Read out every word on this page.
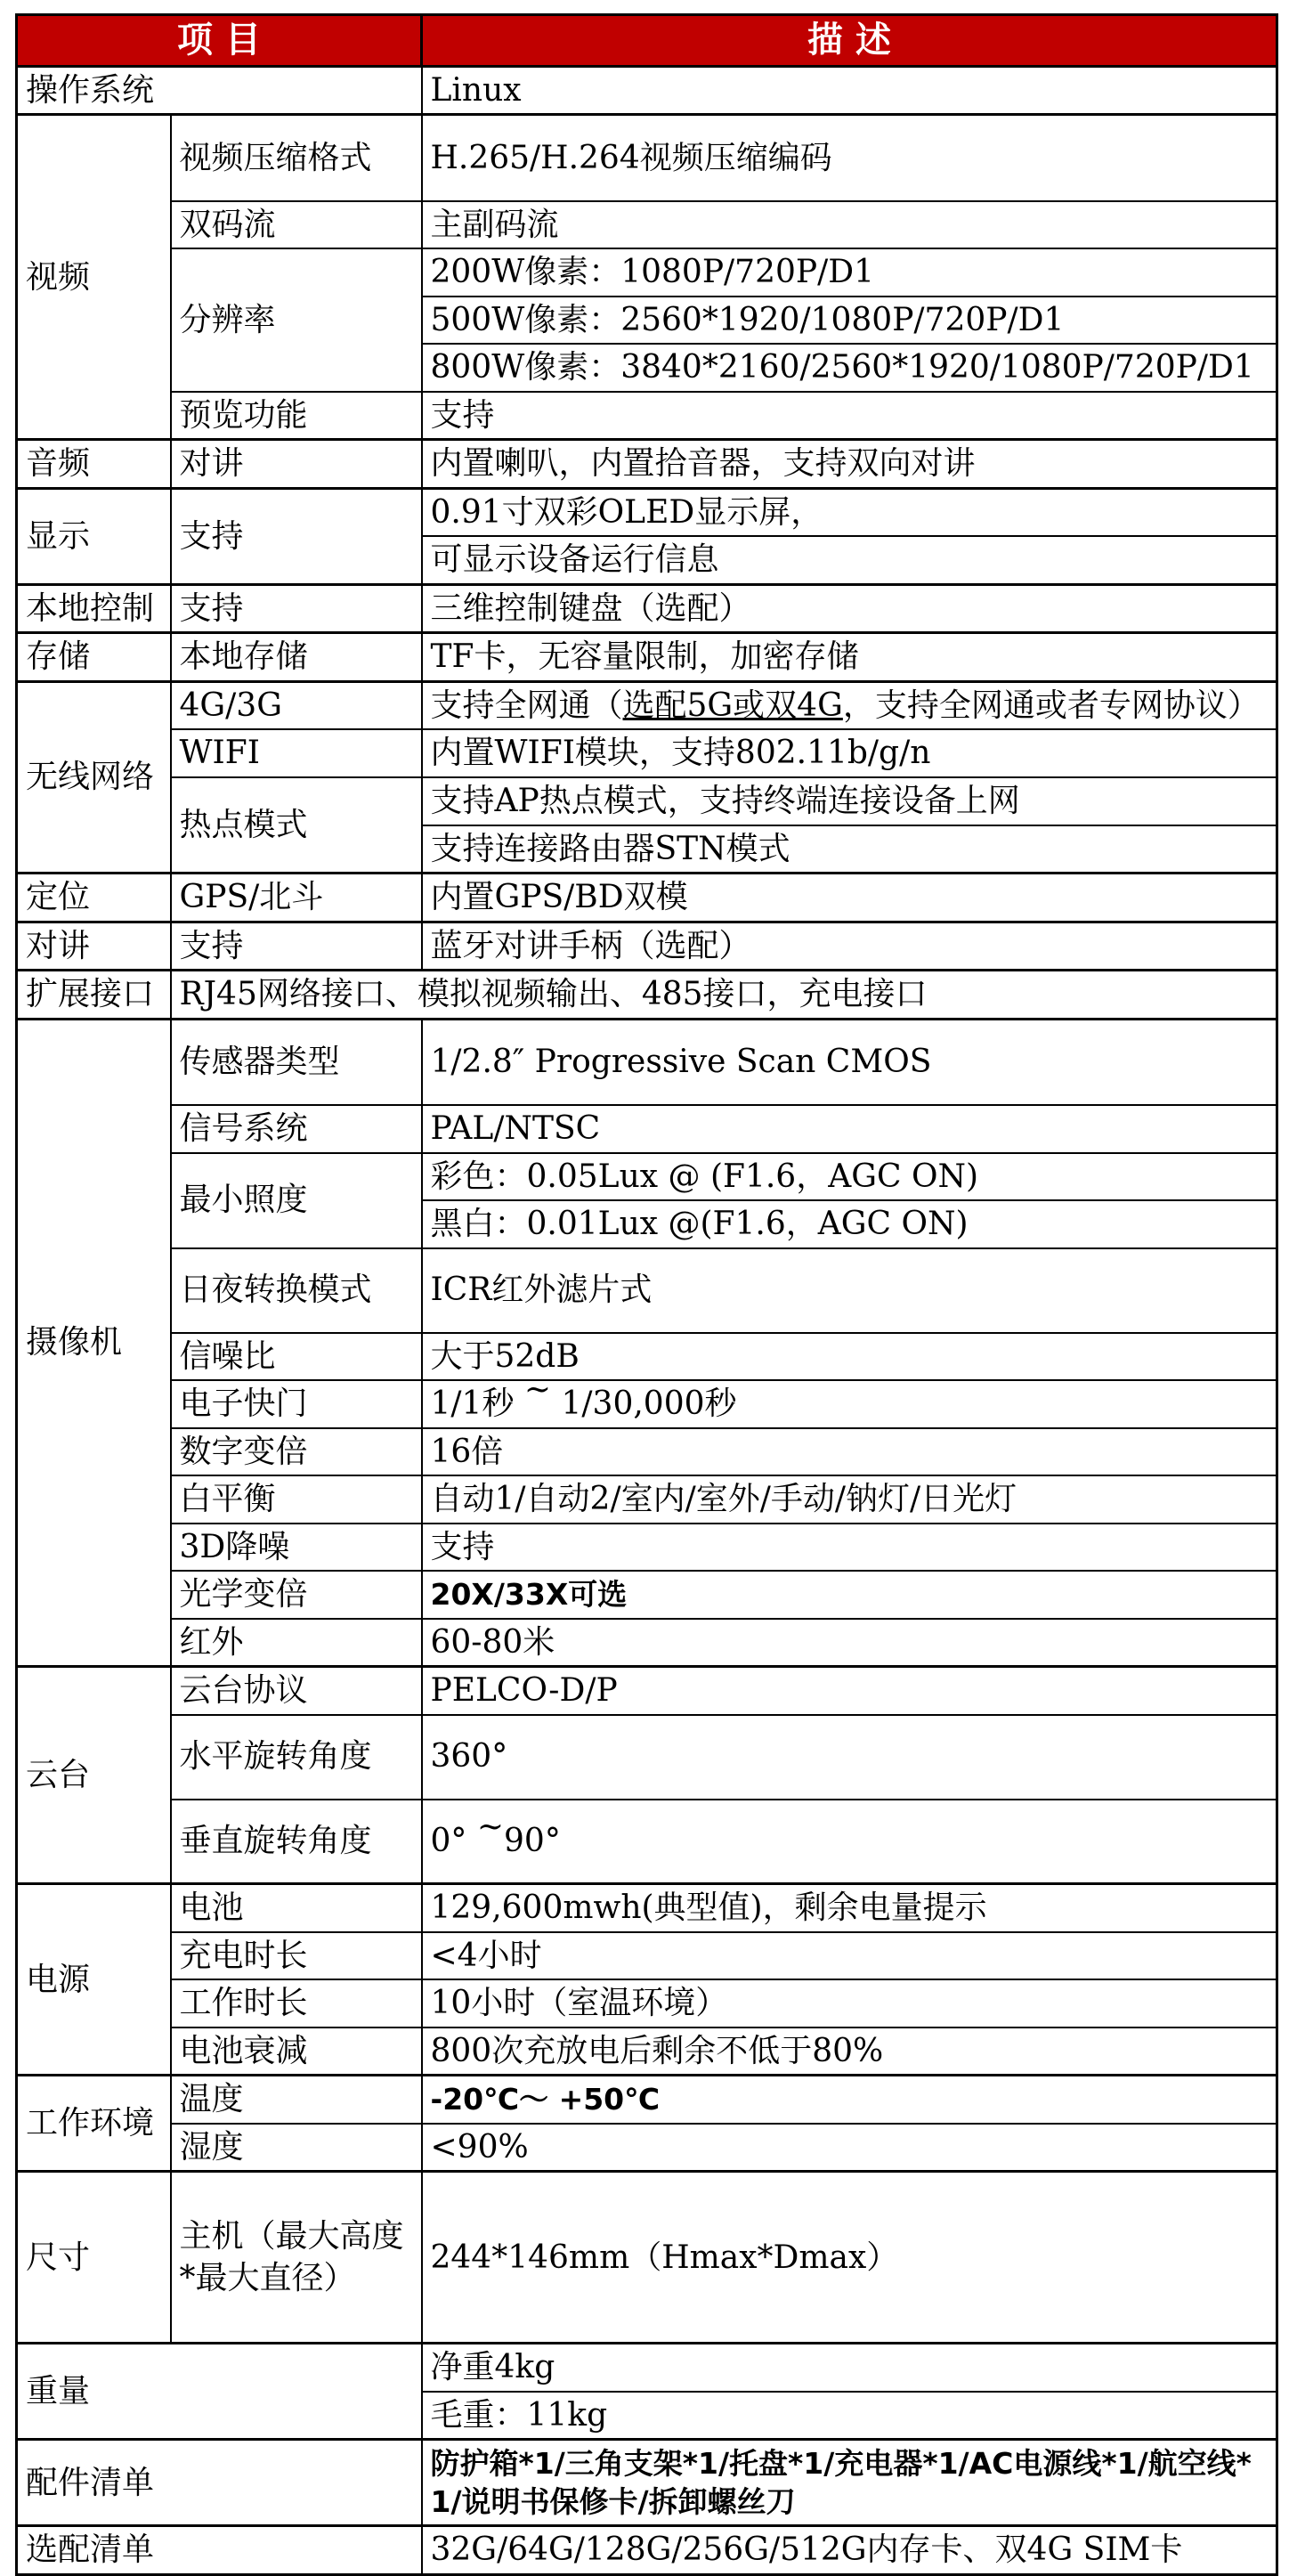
项目		描述
操作系统		Linux
视频	视频压缩格式	H.265/H.264视频压缩编码
	双码流	主副码流
	分辨率	200W像素：1080P/720P/D1
		500W像素：2560*1920/1080P/720P/D1
		800W像素：3840*2160/2560*1920/1080P/720P/D1
	预览功能	支持
音频	对讲	内置喇叭，内置拾音器，支持双向对讲
显示	支持	0.91寸双彩OLED显示屏，
		可显示设备运行信息
本地控制	支持	三维控制键盘（选配）
存储	本地存储	TF卡，无容量限制，加密存储
无线网络	4G/3G	支持全网通（选配5G或双4G，支持全网通或者专网协议）
	WIFI	内置WIFI模块，支持802.11b/g/n
	热点模式	支持AP热点模式，支持终端连接设备上网
		支持连接路由器STN模式
定位	GPS/北斗	内置GPS/BD双模
对讲	支持	蓝牙对讲手柄（选配）
扩展接口	RJ45网络接口、模拟视频输出、485接口，充电接口	
摄像机	传感器类型	1/2.8″ Progressive Scan CMOS
	信号系统	PAL/NTSC
	最小照度	彩色：0.05Lux @ (F1.6，AGC ON)
		黑白：0.01Lux @(F1.6，AGC ON)
	日夜转换模式	ICR红外滤片式
	信噪比	大于52dB
	电子快门	1/1秒 ~ 1/30,000秒
	数字变倍	16倍
	白平衡	自动1/自动2/室内/室外/手动/钠灯/日光灯
	3D降噪	支持
	光学变倍	20X/33X可选
	红外	60-80米
云台	云台协议	PELCO-D/P
	水平旋转角度	360°
	垂直旋转角度	0° ~90°
电源	电池	129,600mwh(典型值)，剩余电量提示
	充电时长	<4小时
	工作时长	10小时（室温环境）
	电池衰减	800次充放电后剩余不低于80%
工作环境	温度	-20℃～ +50℃
	湿度	<90%
尺寸	主机（最大高度*最大直径）	244*146mm（Hmax*Dmax）
重量		净重4kg
		毛重：11kg
配件清单		防护箱*1/三角支架*1/托盘*1/充电器*1/AC电源线*1/航空线*1/说明书保修卡/拆卸螺丝刀
选配清单		32G/64G/128G/256G/512G内存卡、双4G SIM卡
